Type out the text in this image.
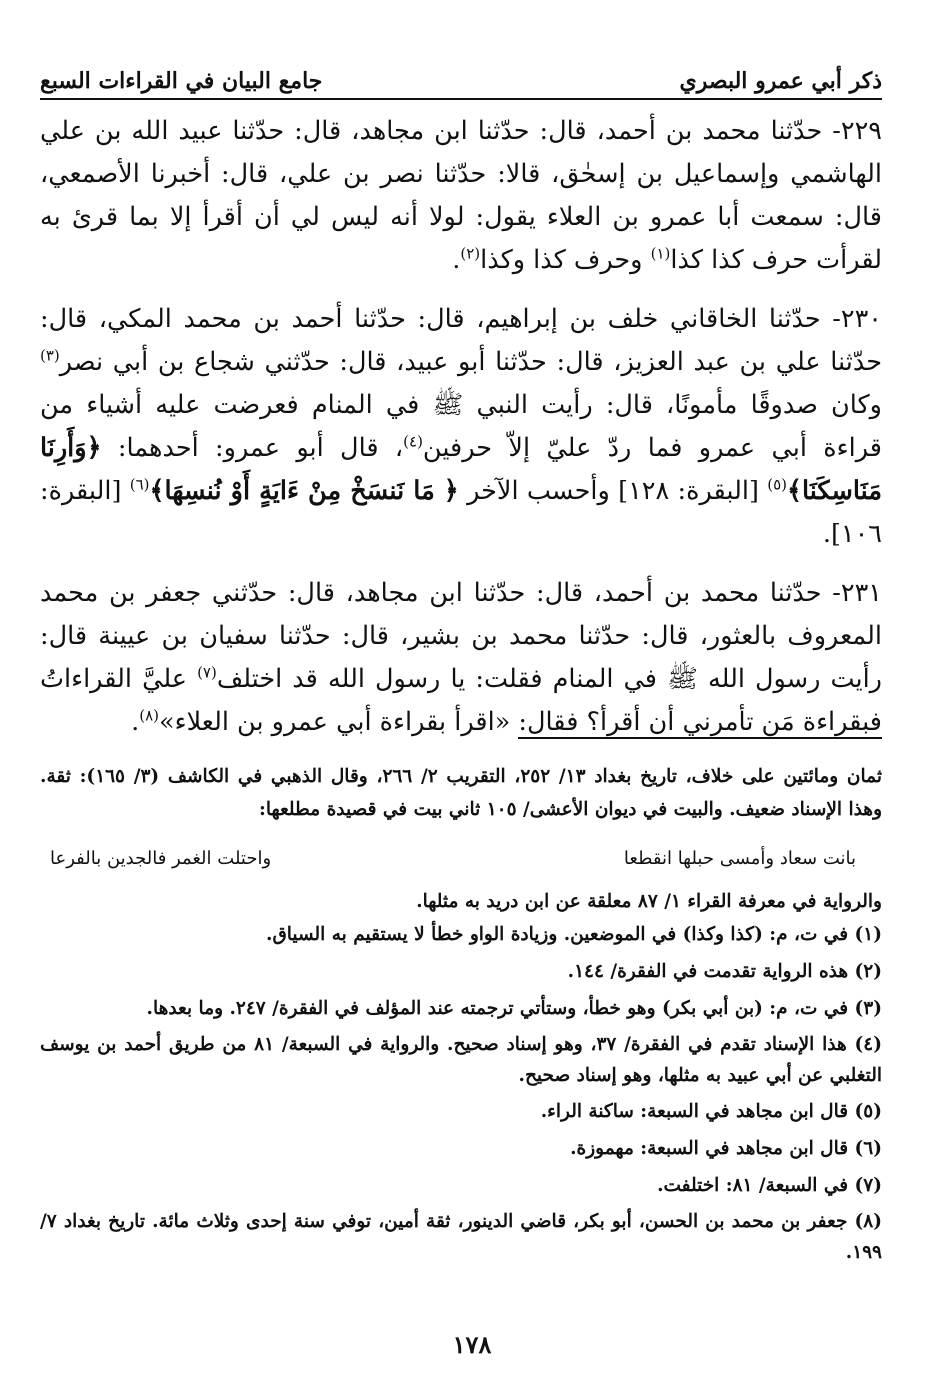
ذكر أبي عمرو البصري
جامع البيان في القراءات السبع

٢٢٩- حدّثنا محمد بن أحمد، قال: حدّثنا ابن مجاهد، قال: حدّثنا عبيد الله بن علي الهاشمي وإسماعيل بن إسحٰق، قالا: حدّثنا نصر بن علي، قال: أخبرنا الأصمعي، قال: سمعت أبا عمرو بن العلاء يقول: لولا أنه ليس لي أن أقرأ إلا بما قرئ به لقرأت حرف كذا كذا$^{(١)}$ وحرف كذا وكذا$^{(٢)}$.

٢٣٠- حدّثنا الخاقاني خلف بن إبراهيم، قال: حدّثنا أحمد بن محمد المكي، قال: حدّثنا علي بن عبد العزيز، قال: حدّثنا أبو عبيد، قال: حدّثني شجاع بن أبي نصر$^{(٣)}$ وكان صدوقًا مأمونًا، قال: رأيت النبي ﷺ في المنام فعرضت عليه أشياء من قراءة أبي عمرو فما ردّ عليّ إلاّ حرفين$^{(٤)}$، قال أبو عمرو: أحدهما: ﴿وَأَرِنَا مَنَاسِكَنَا﴾$^{(٥)}$ [البقرة: ١٢٨] وأحسب الآخر ﴿ مَا نَنسَخْ مِنْ ءَايَةٍ أَوْ نُنسِهَا﴾$^{(٦)}$ [البقرة: ١٠٦].

٢٣١- حدّثنا محمد بن أحمد، قال: حدّثنا ابن مجاهد، قال: حدّثني جعفر بن محمد المعروف بالعثور، قال: حدّثنا محمد بن بشير، قال: حدّثنا سفيان بن عيينة قال: رأيت رسول الله ﷺ في المنام فقلت: يا رسول الله قد اختلف$^{(٧)}$ عليَّ القراءاتُ فبقراءة مَن تأمرني أن أقرأ؟ فقال: «اقرأ بقراءة أبي عمرو بن العلاء»$^{(٨)}$.

ثمان ومائتين على خلاف، تاريخ بغداد ١٣/ ٢٥٢، التقريب ٢/ ٢٦٦، وقال الذهبي في الكاشف (٣/ ١٦٥): ثقة. وهذا الإسناد ضعيف. والبيت في ديوان الأعشى/ ١٠٥ ثاني بيت في قصيدة مطلعها:

بانت سعاد وأمسى حبلها انقطعا
واحتلت الغمر فالجدين بالفرعا

والرواية في معرفة القراء ١/ ٨٧ معلقة عن ابن دريد به مثلها.

(١) في ت، م: (كذا وكذا) في الموضعين. وزيادة الواو خطأ لا يستقيم به السياق.
(٢) هذه الرواية تقدمت في الفقرة/ ١٤٤.
(٣) في ت، م: (بن أبي بكر) وهو خطأ، وستأتي ترجمته عند المؤلف في الفقرة/ ٢٤٧. وما بعدها.
(٤) هذا الإسناد تقدم في الفقرة/ ٣٧، وهو إسناد صحيح. والرواية في السبعة/ ٨١ من طريق أحمد بن يوسف التغلبي عن أبي عبيد به مثلها، وهو إسناد صحيح.
(٥) قال ابن مجاهد في السبعة: ساكنة الراء.
(٦) قال ابن مجاهد في السبعة: مهموزة.
(٧) في السبعة/ ٨١: اختلفت.
(٨) جعفر بن محمد بن الحسن، أبو بكر، قاضي الدينور، ثقة أمين، توفي سنة إحدى وثلاث مائة. تاريخ بغداد ٧/ ١٩٩.
١٧٨
